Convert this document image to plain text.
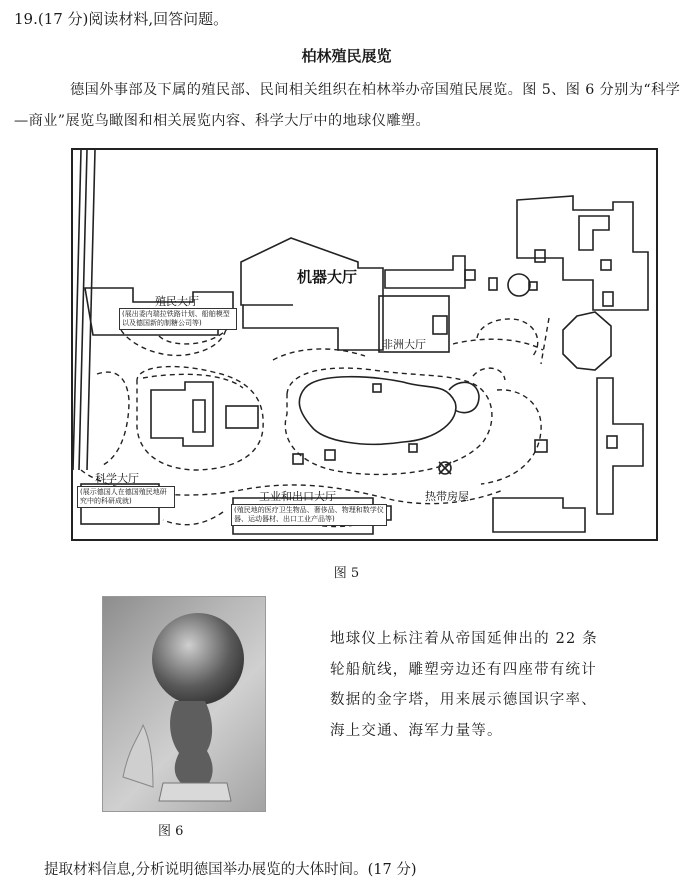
19.(17 分)阅读材料,回答问题。
柏林殖民展览
德国外事部及下属的殖民部、民间相关组织在柏林举办帝国殖民展览。图 5、图 6 分别为“科学—商业”展览鸟瞰图和相关展览内容、科学大厅中的地球仪雕塑。
机器大厅
殖民大厅
(展出委内瑞拉铁路计划、船舶模型以及德国新的制糖公司等)
非洲大厅
科学大厅
(展示德国人在德国殖民地研究中的科研成就)	工业和出口大厅
(殖民地的医疗卫生物品、奢侈品、物理和数学仪器、运动器材、出口工业产品等)
热带房屋
图 5
图 6
地球仪上标注着从帝国延伸出的 22 条轮船航线，雕塑旁边还有四座带有统计数据的金字塔，用来展示德国识字率、海上交通、海军力量等。
提取材料信息,分析说明德国举办展览的大体时间。(17 分)
